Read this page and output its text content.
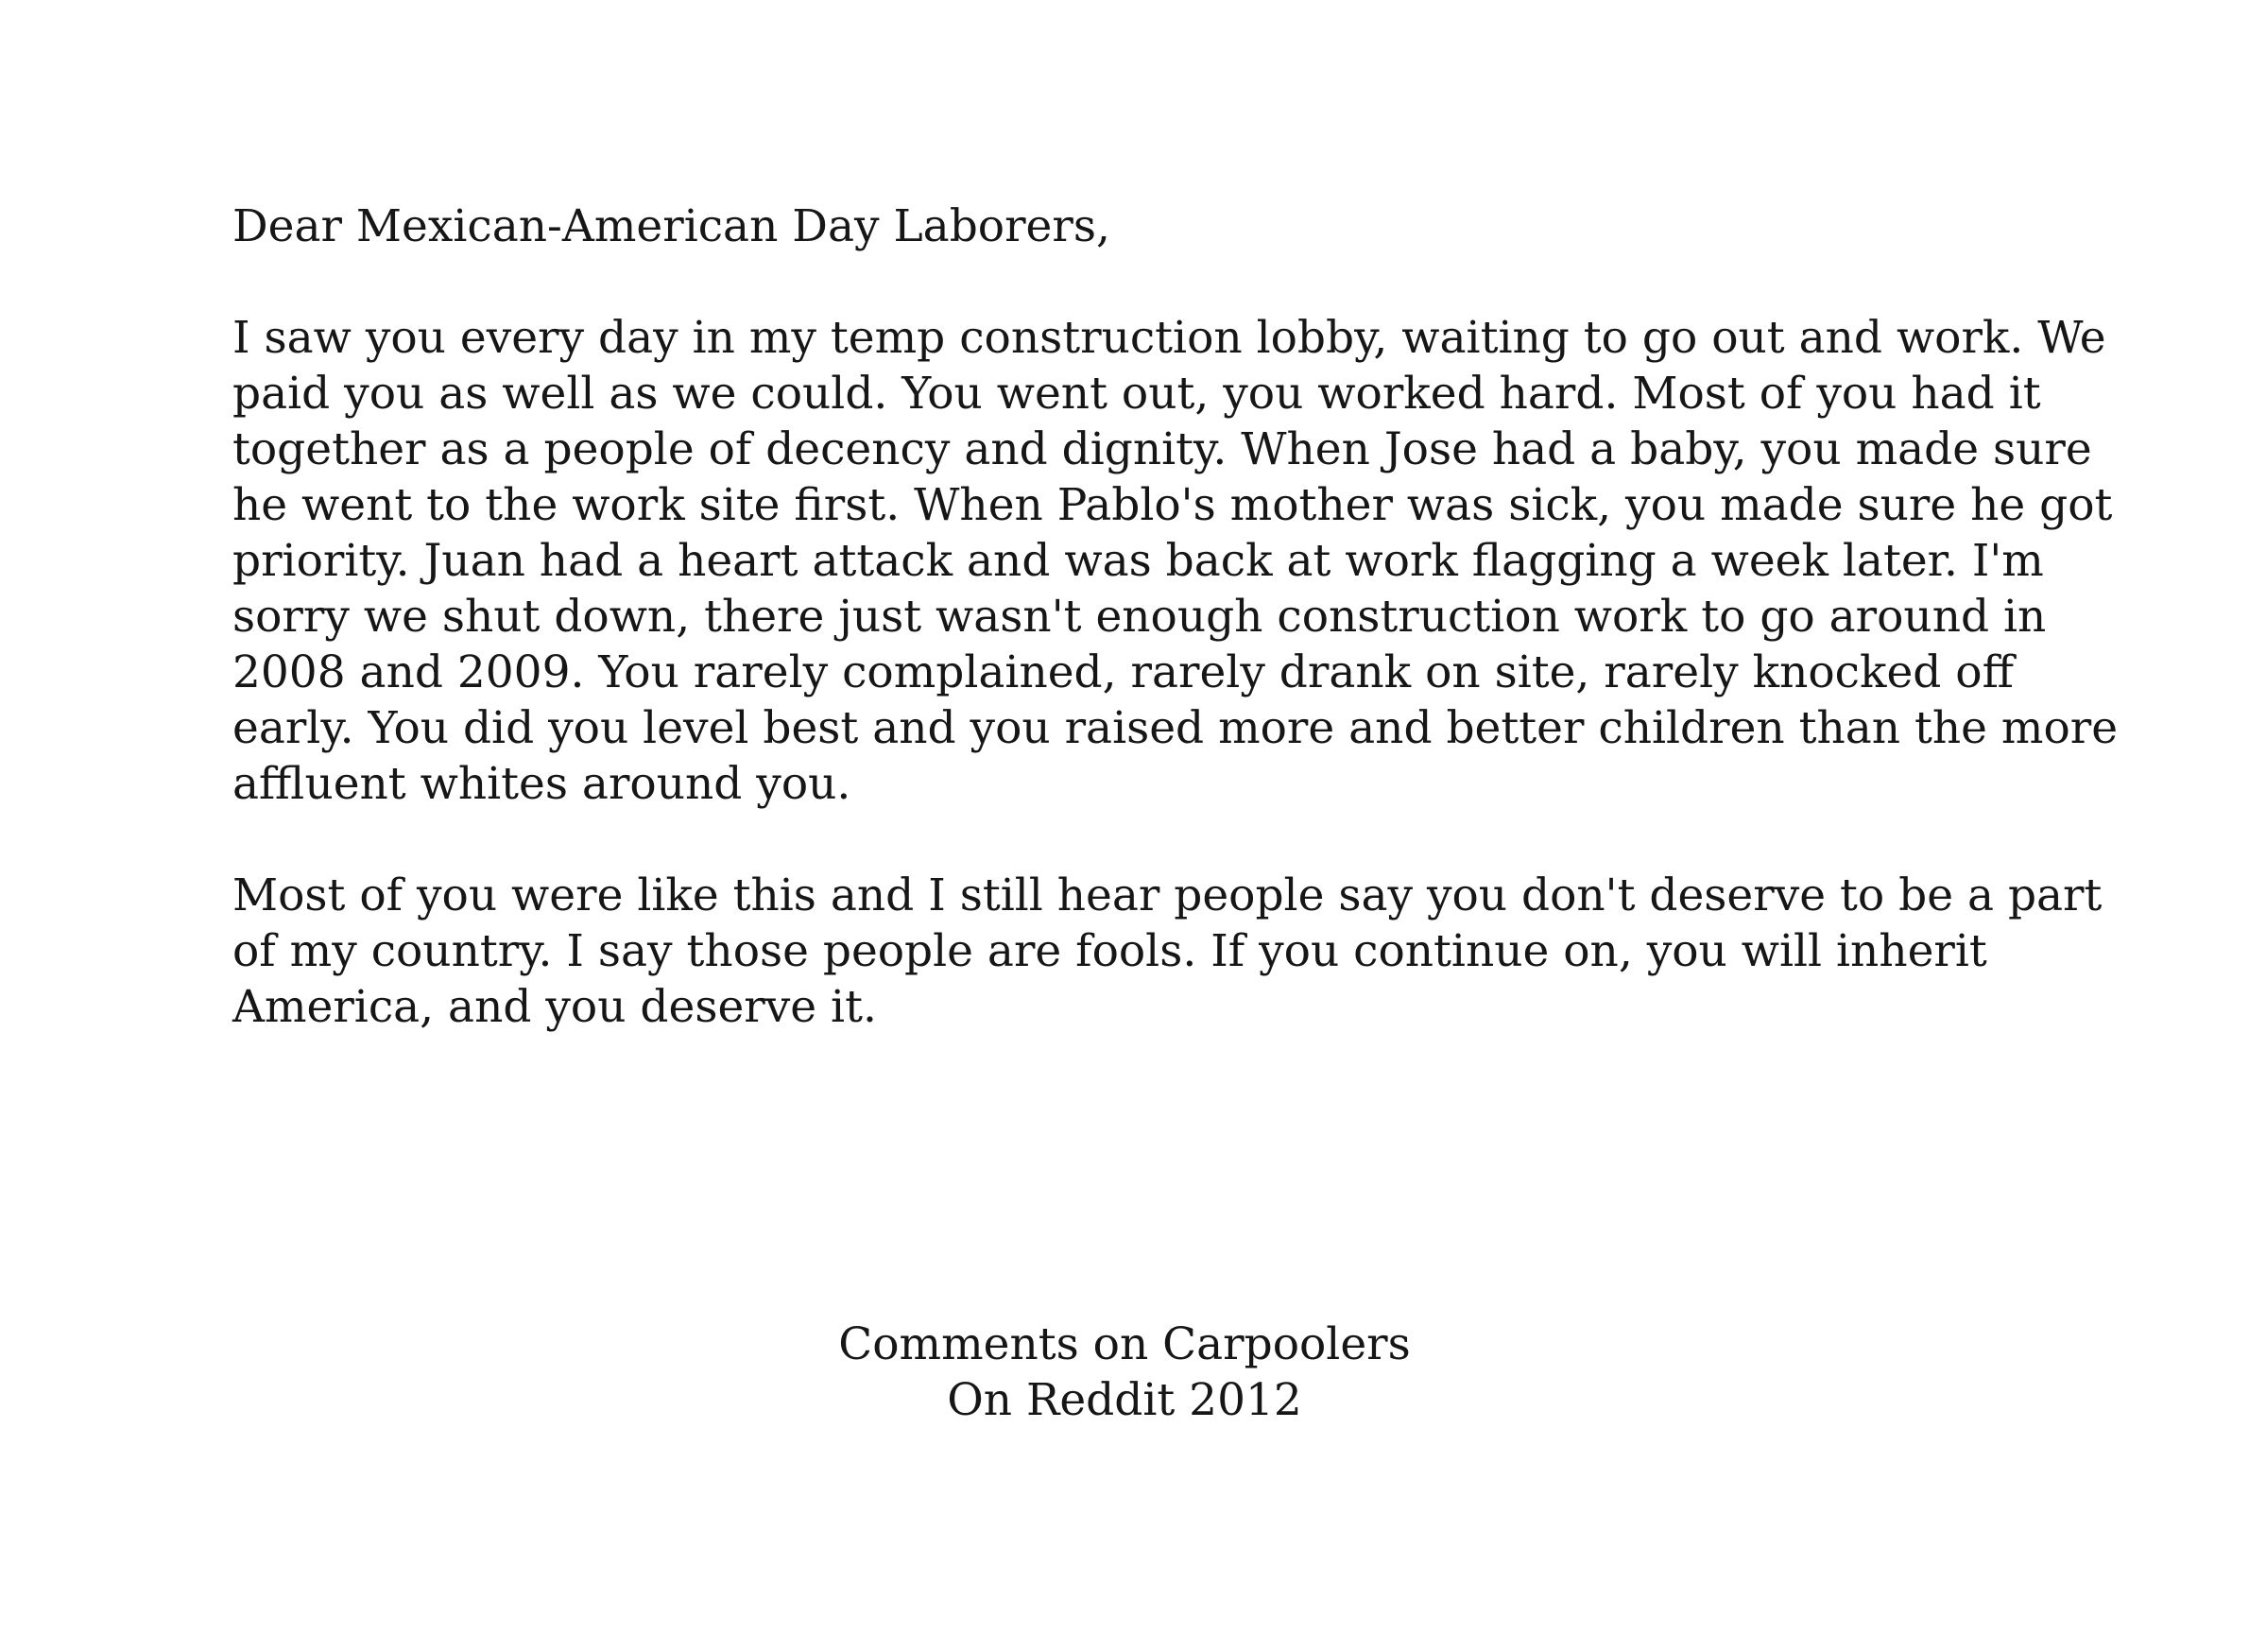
Dear Mexican-American Day Laborers,

I saw you every day in my temp construction lobby, waiting to go out and work. We
paid you as well as we could. You went out, you worked hard. Most of you had it
together as a people of decency and dignity. When Jose had a baby, you made sure
he went to the work site first. When Pablo's mother was sick, you made sure he got
priority. Juan had a heart attack and was back at work flagging a week later. I'm
sorry we shut down, there just wasn't enough construction work to go around in
2008 and 2009. You rarely complained, rarely drank on site, rarely knocked off
early. You did you level best and you raised more and better children than the more
affluent whites around you.

Most of you were like this and I still hear people say you don't deserve to be a part
of my country. I say those people are fools. If you continue on, you will inherit
America, and you deserve it.

Comments on Carpoolers
On Reddit 2012
